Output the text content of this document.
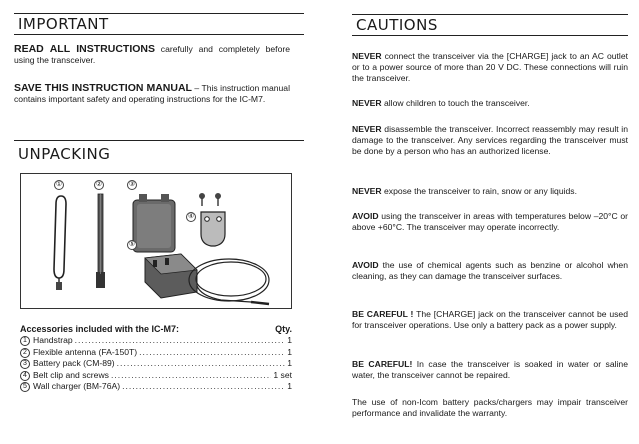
IMPORTANT

READ ALL INSTRUCTIONS carefully and completely before using the transceiver.

SAVE THIS INSTRUCTION MANUAL – This instruction manual contains important safety and operating instructions for the IC-M7.

UNPACKING
①	②	③
④
⑤
Accessories included with the IC-M7:	Qty.
1 Handstrap .....	1
2 Flexible antenna (FA-150T) .....	1
3 Battery pack (CM-89) .....	1
4 Belt clip and screws .....	1 set
5 Wall charger (BM-76A) .....	1
CAUTIONS

NEVER connect the transceiver via the [CHARGE] jack to an AC outlet or to a power source of more than 20 V DC. These connections will ruin the transceiver.

NEVER allow children to touch the transceiver.

NEVER disassemble the transceiver. Incorrect reassembly may result in damage to the transceiver. Any services regarding the transceiver must be done by a person who has an authorized license.

NEVER expose the transceiver to rain, snow or any liquids.

AVOID using the transceiver in areas with temperatures below –20°C or above +60°C. The transceiver may operate incorrectly.

AVOID the use of chemical agents such as benzine or alcohol when cleaning, as they can damage the transceiver surfaces.

BE CAREFUL ! The [CHARGE] jack on the transceiver cannot be used for transceiver operations. Use only a battery pack as a power supply.

BE CAREFUL! In case the transceiver is soaked in water or saline water, the transceiver cannot be repaired.

The use of non-Icom battery packs/chargers may impair transceiver performance and invalidate the warranty.
